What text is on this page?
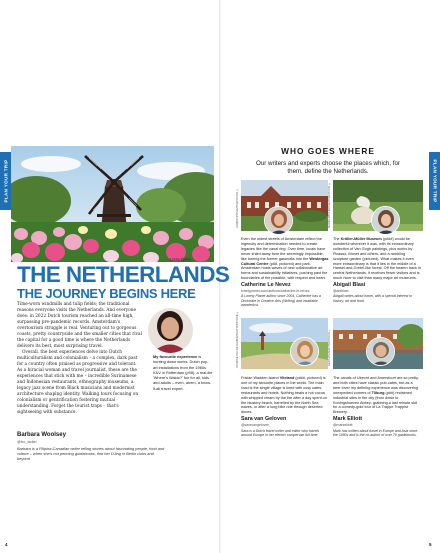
PLAN YOUR TRIP
LIsse (p99)
THE NETHERLANDS
THE JOURNEY BEGINS HERE

Time-worn windmills and tulip fields; the traditional reasons everyone visits the Netherlands. And everyone does: in 2022 Dutch tourism reached an all-time high, surpassing pre-pandemic records. Amsterdam's overtourism struggle is real. Venturing out to gorgeous coasts, pretty countryside and the smaller cities that rival the capital for a good time is where the Netherlands delivers its best, most surprising travel.

Overall, the best experiences delve into Dutch multiculturalism and colonialism – a complex, dark past for a country often praised as progressive and tolerant. As a biracial woman and travel journalist, these are the experiences that stick with me – incredible Surinamese and Indonesian restaurants, ethnography museums, a legacy jazz scene from Black musicians and modernist architecture shaping identity. Walking tours focusing on colonialism or gentrification fostering mutual understanding. Forget the tourist traps – that's sightseeing with substance.

My favourite experience is hunting down works. Dutch pop-art installations from the 1960s K&V in Rotterdam (p98), a real-life 'Where's Waldo?' fun for all, kids and adults – even, ahem, a know-it-all travel expert.
Barbara Woolsey
@bo_ladiel
Barbara is a Filipina-Canadian writer telling stories about fascinating people, food and culture – when she's not penning guidebooks, find her DJing in Berlin clubs and beyond.
4
PLAN YOUR TRIP
WHO GOES WHERE
Our writers and experts choose the places which, for them, define the Netherlands.
ANDREYPS/SHUTTERSTOCK ©	MAREN WINTER/SHUTTERSTOCK ©
Even the oldest streets of Amsterdam reflect the ingenuity and determination needed to create legacies like the canal ring. Over time, locals have never shied away from the seemingly impossible, like turning the former gasworks into the Westergas Cultural Centre (p##, pictured) and park. Amsterdam hosts waves of new collaborative art forms and sustainability initiatives, pushing past the boundaries of the possible, with respect and heart.
Catherine Le Nevez
lonelyplanet.com/authors/catherine-le-nevez
A Lonely Planet author since 2004, Catherine has a Doctorate in Creative Arts (Writing) and insatiable wanderlust.
The Kröller-Müller Museum (p###) would be wonderful wherever it was, with its extraordinary collection of Van Gogh paintings, plus works by Picasso, Monet and others, and a rambling sculpture garden (pictured). What makes it even more extraordinary is that it lies in the middle of a Hansel-and-Gretel-like forest. Off the beaten track in central Netherlands, it receives fewer visitors and is much nicer to visit than many major art museums.
Abigail Blasi
@abiblasi
Abigail writes about travel, with a special interest in history, art and food.
YASMINE VAN DE KAMER/SHUTTERSTOCK ©	GERTJAN/SHUTTERSTOCK ©
Frisian Wadden Island Vlieland (p###, pictured) is one of my favourite places in the world. The main road is the single village is lined with cosy cafes, restaurants and hotels. Nothing beats a hot cocoa with whipped cream by the fire after a day spent on the blustery beach, barrelled by the North Sea waves, or after a long bike ride through deserted dunes.
Sara van Geloven
@saravangeloven
Sara is a Dutch travel writer and editor who travels around Europe in her electric campervan full-time.
The canals of Utrecht and Amersfoort are so pretty, and both cities have classic pub-cafes, but as a beer lover my defining experience was discovering unexpected corners of Tilburg (p##) reclaimed industrial sites in the city (from down to Koningshoeven Abbey: grabbing a last minute slot for a comedy-gold tour of La Trappe Trappist Brewery.
Mark Elliott
@markelliott
Mark has written about travel in Europe and Asia since the 1990s and is the co-author of over 70 guidebooks.
5
